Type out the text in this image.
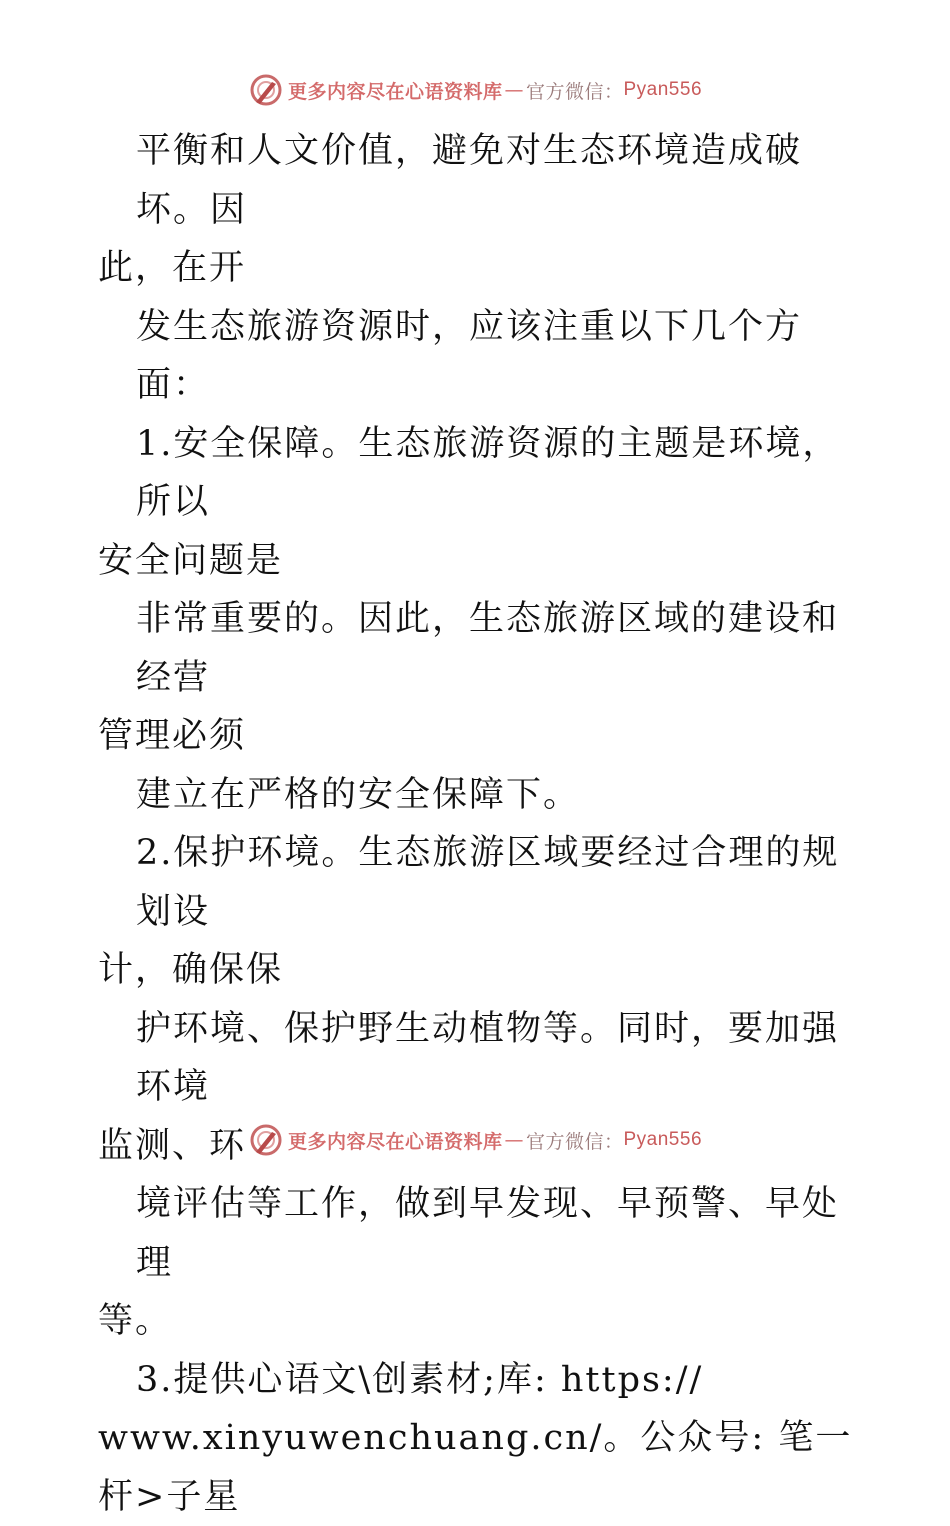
更多内容尽在心语资料库 — 官方微信： Pyan556

平衡和人文价值，避免对生态环境造成破坏。因

此，在开

发生态旅游资源时，应该注重以下几个方面：

1.安全保障。生态旅游资源的主题是环境，所以

安全问题是

非常重要的。因此，生态旅游区域的建设和经营

管理必须

建立在严格的安全保障下。

2.保护环境。生态旅游区域要经过合理的规划设

计，确保保

护环境、保护野生动植物等。同时，要加强环境

监测、环

境评估等工作，做到早发现、早预警、早处理

等。

3.提供心语文\创素材;库: https://

www.xinyuwenchuang.cn/。公众号: 笔一杆>子星

更多内容尽在心语资料库 — 官方微信： Pyan556
